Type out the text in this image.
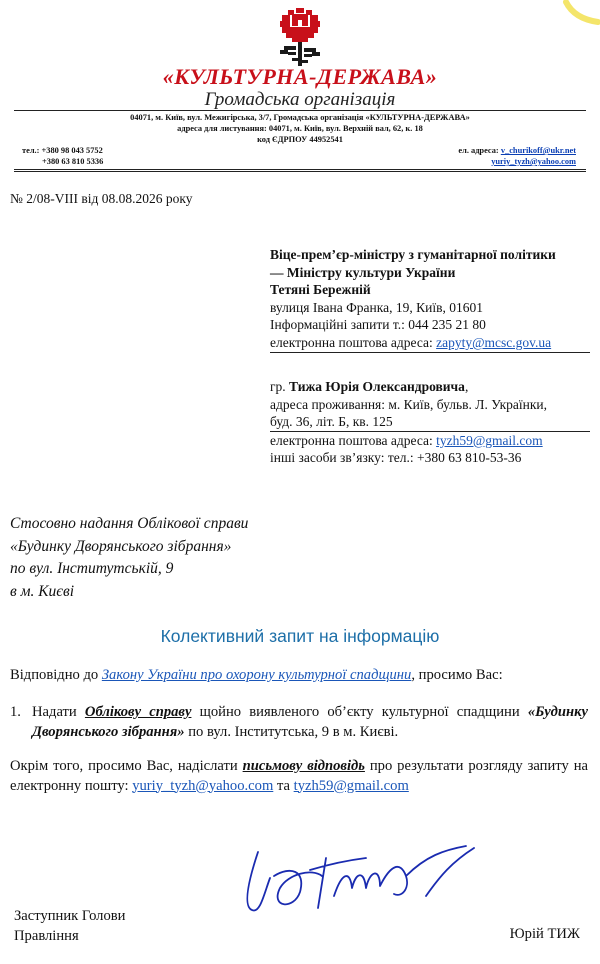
«КУЛЬТУРНА-ДЕРЖАВА»
Громадська організація
04071, м. Київ, вул. Межигірська, 3/7, Громадська організація «КУЛЬТУРНА-ДЕРЖАВА»
адреса для листування: 04071, м. Київ, вул. Верхній вал, 62, к. 18
код ЄДРПОУ 44952541
тел.: +380 98 043 5752
+380 63 810 5336
ел. адреса: v_churikoff@ukr.net
yuriy_tyzh@yahoo.com
№ 2/08-VIII від 08.08.2026 року
Віце-прем’єр-міністру з гуманітарної політики
— Міністру культури України
Тетяні Бережній
вулиця Івана Франка, 19, Київ, 01601
Інформаційні запити т.: 044 235 21 80
електронна поштова адреса: zapyty@mcsc.gov.ua
гр. Тижа Юрія Олександровича,
адреса проживання: м. Київ, бульв. Л. Українки,
буд. 36, літ. Б, кв. 125
електронна поштова адреса: tyzh59@gmail.com
інші засоби зв’язку: тел.: +380 63 810-53-36
Стосовно надання Облікової справи
«Будинку Дворянського зібрання»
по вул. Інститутській, 9
в м. Києві
Колективний запит на інформацію
Відповідно до Закону України про охорону культурної спадщини, просимо Вас:
1. Надати Облікову справу щойно виявленого об’єкту культурної спадщини «Будинку Дворянського зібрання» по вул. Інститутська, 9 в м. Києві.
Окрім того, просимо Вас, надіслати письмову відповідь про результати розгляду запиту на електронну пошту: yuriy_tyzh@yahoo.com та tyzh59@gmail.com
Заступник Голови
Правління	Юрій ТИЖ
